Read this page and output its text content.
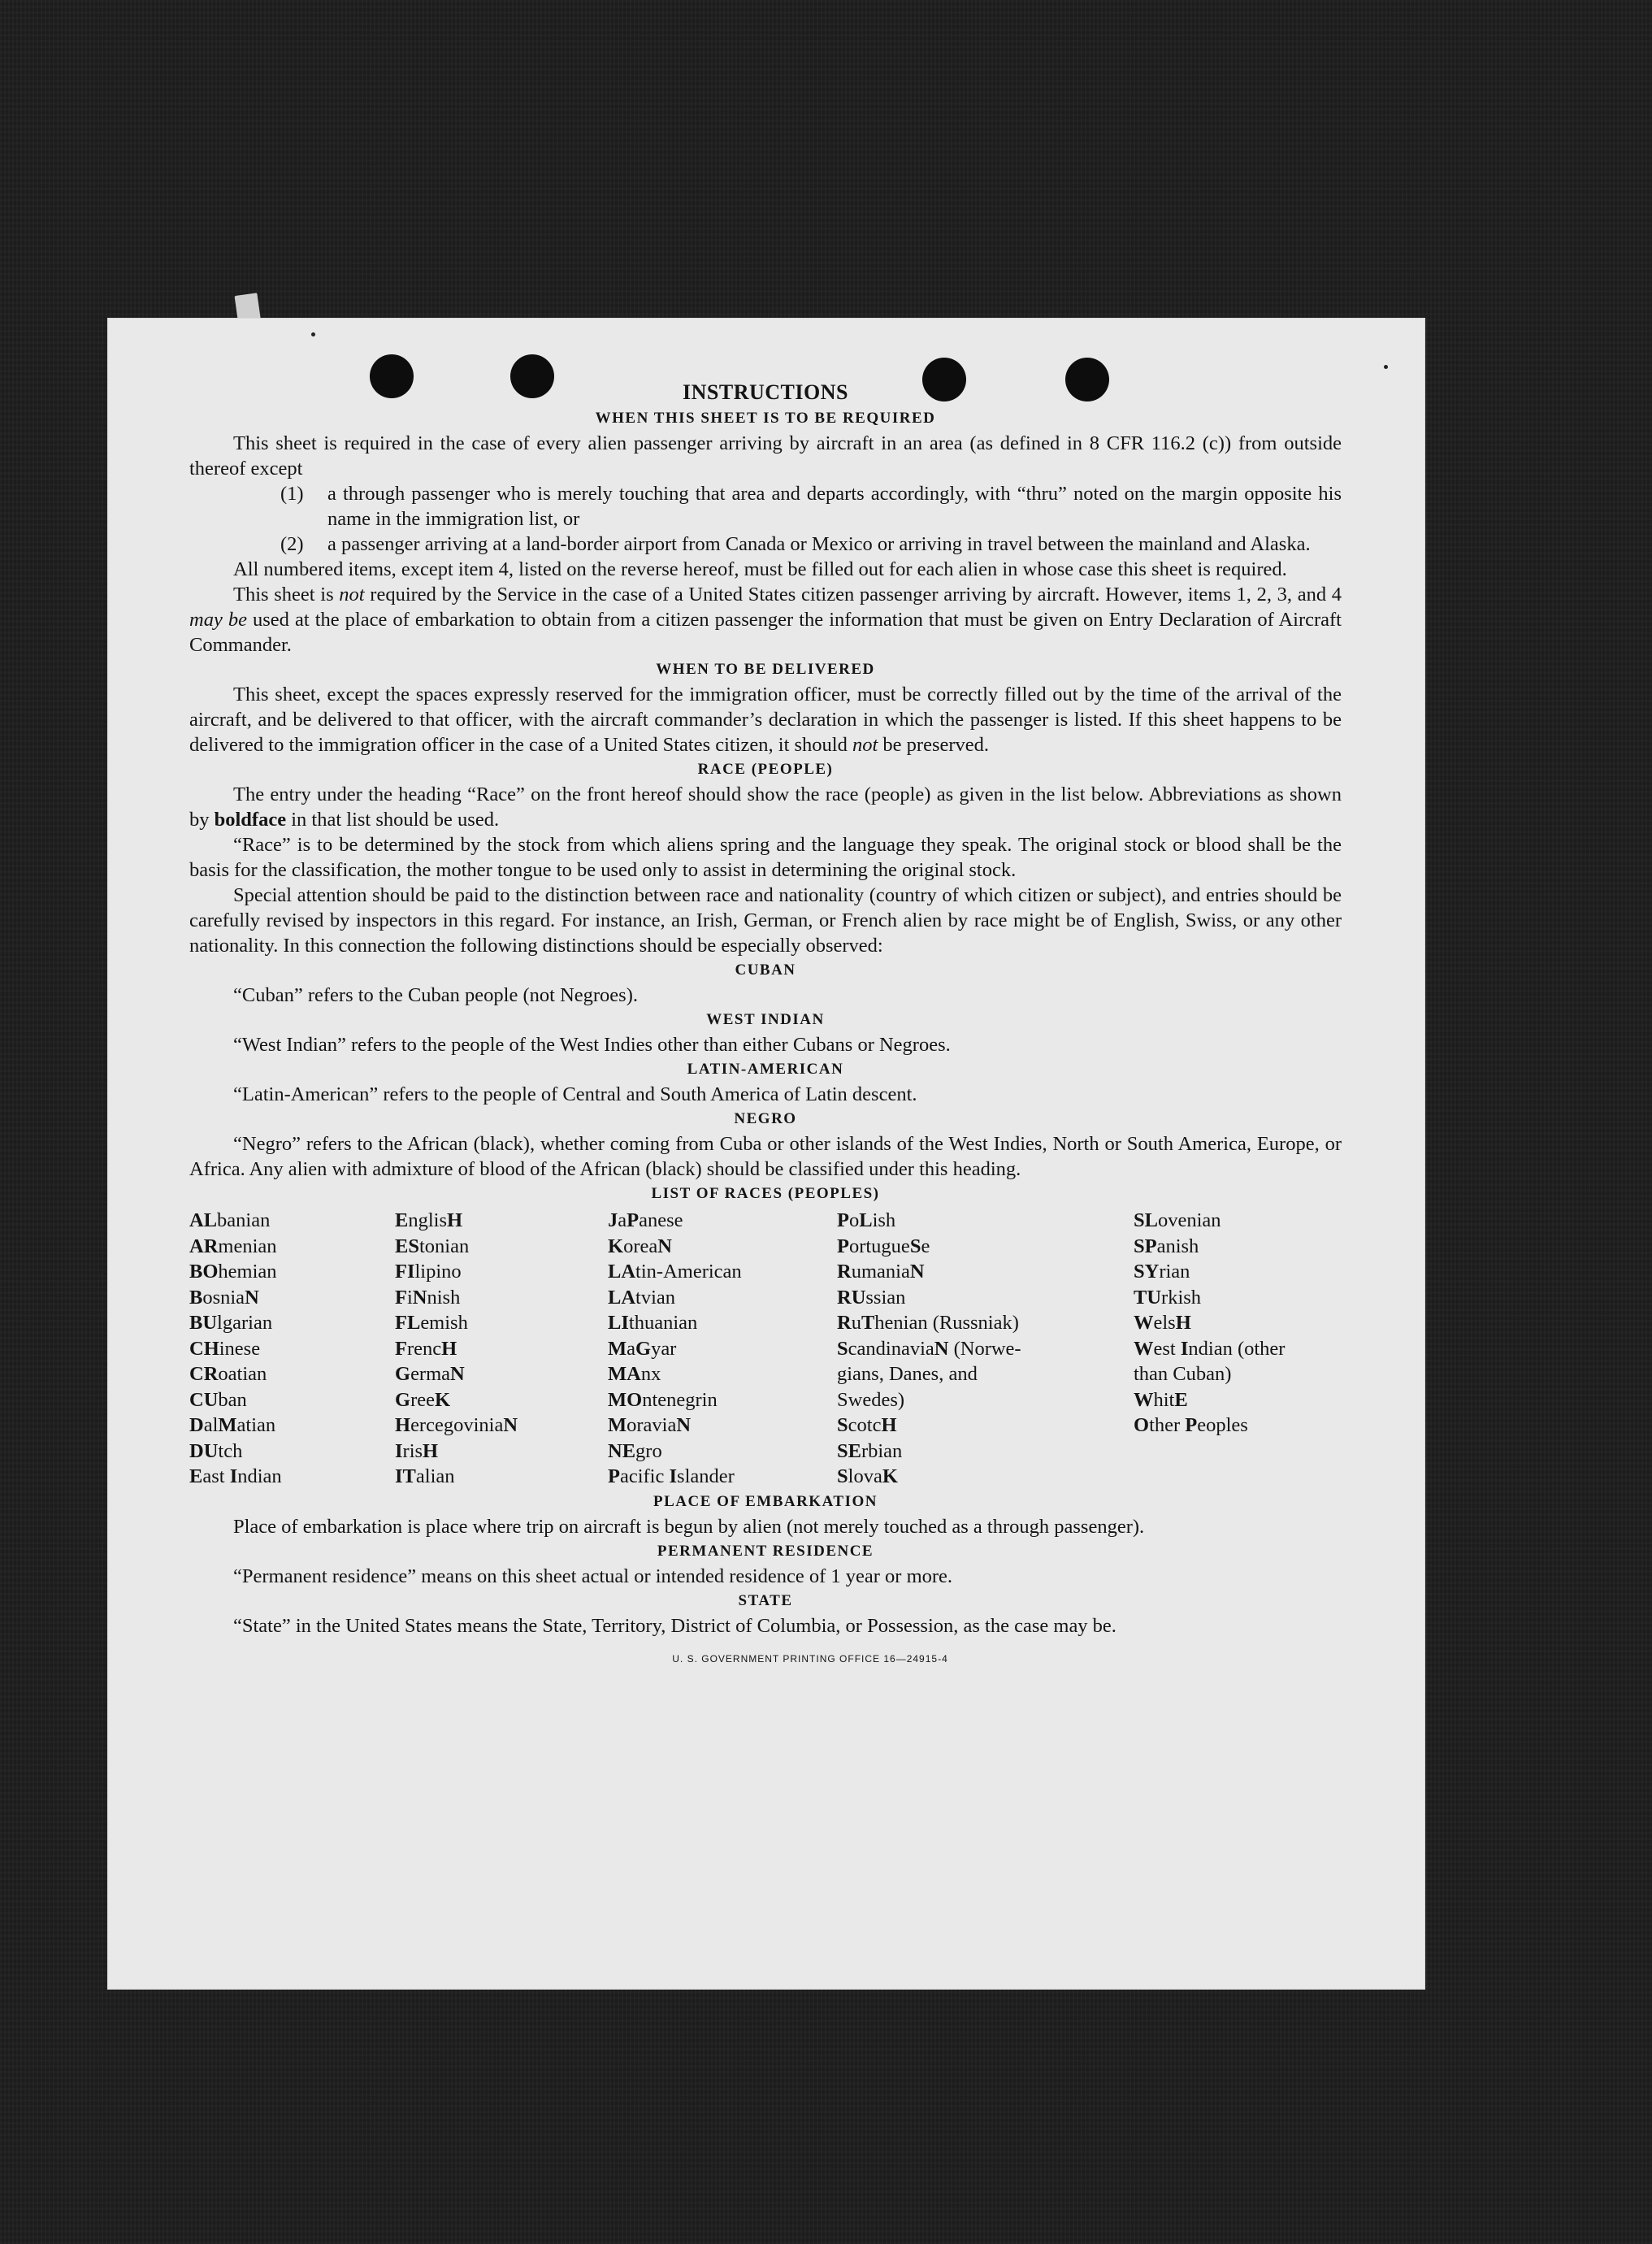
INSTRUCTIONS
WHEN THIS SHEET IS TO BE REQUIRED

This sheet is required in the case of every alien passenger arriving by aircraft in an area (as defined in 8 CFR 116.2 (c)) from outside thereof except

(1)	a through passenger who is merely touching that area and departs accordingly, with “thru” noted on the margin opposite his name in the immigration list, or
(2)	a passenger arriving at a land-border airport from Canada or Mexico or arriving in travel between the mainland and Alaska.

All numbered items, except item 4, listed on the reverse hereof, must be filled out for each alien in whose case this sheet is required.

This sheet is not required by the Service in the case of a United States citizen passenger arriving by aircraft. However, items 1, 2, 3, and 4 may be used at the place of embarkation to obtain from a citizen passenger the information that must be given on Entry Declaration of Aircraft Commander.

WHEN TO BE DELIVERED

This sheet, except the spaces expressly reserved for the immigration officer, must be correctly filled out by the time of the arrival of the aircraft, and be delivered to that officer, with the aircraft commander’s declaration in which the passenger is listed. If this sheet happens to be delivered to the immigration officer in the case of a United States citizen, it should not be preserved.

RACE (PEOPLE)

The entry under the heading “Race” on the front hereof should show the race (people) as given in the list below. Abbreviations as shown by boldface in that list should be used.

“Race” is to be determined by the stock from which aliens spring and the language they speak. The original stock or blood shall be the basis for the classification, the mother tongue to be used only to assist in determining the original stock.

Special attention should be paid to the distinction between race and nationality (country of which citizen or subject), and entries should be carefully revised by inspectors in this regard. For instance, an Irish, German, or French alien by race might be of English, Swiss, or any other nationality. In this connection the following distinctions should be especially observed:

CUBAN

“Cuban” refers to the Cuban people (not Negroes).

WEST INDIAN

“West Indian” refers to the people of the West Indies other than either Cubans or Negroes.

LATIN-AMERICAN

“Latin-American” refers to the people of Central and South America of Latin descent.

NEGRO

“Negro” refers to the African (black), whether coming from Cuba or other islands of the West Indies, North or South America, Europe, or Africa. Any alien with admixture of blood of the African (black) should be classified under this heading.

LIST OF RACES (PEOPLES)
ALbanian
ARmenian
BOhemian
BosniaN
BUlgarian
CHinese
CRoatian
CUban
DalMatian
DUtch
East Indian
EnglisH
EStonian
FIlipino
FiNnish
FLemish
FrencH
GermaN
GreeK
HercegoviniaN
IrisH
ITalian
JaPanese
KoreaN
LAtin-American
LAtvian
LIthuanian
MaGyar
MAnx
MOntenegrin
MoraviaN
NEgro
Pacific Islander
PoLish
PortugueSe
RumaniaN
RUssian
RuThenian (Russniak)
ScandinaviaN (Norwe-
gians, Danes, and
Swedes)
ScotcH
SErbian
SlovaK
SLovenian
SPanish
SYrian
TUrkish
WelsH
West Indian (other
than Cuban)
WhitE
Other Peoples
PLACE OF EMBARKATION

Place of embarkation is place where trip on aircraft is begun by alien (not merely touched as a through passenger).

PERMANENT RESIDENCE

“Permanent residence” means on this sheet actual or intended residence of 1 year or more.

STATE

“State” in the United States means the State, Territory, District of Columbia, or Possession, as the case may be.

U. S. GOVERNMENT PRINTING OFFICE 16—24915-4
